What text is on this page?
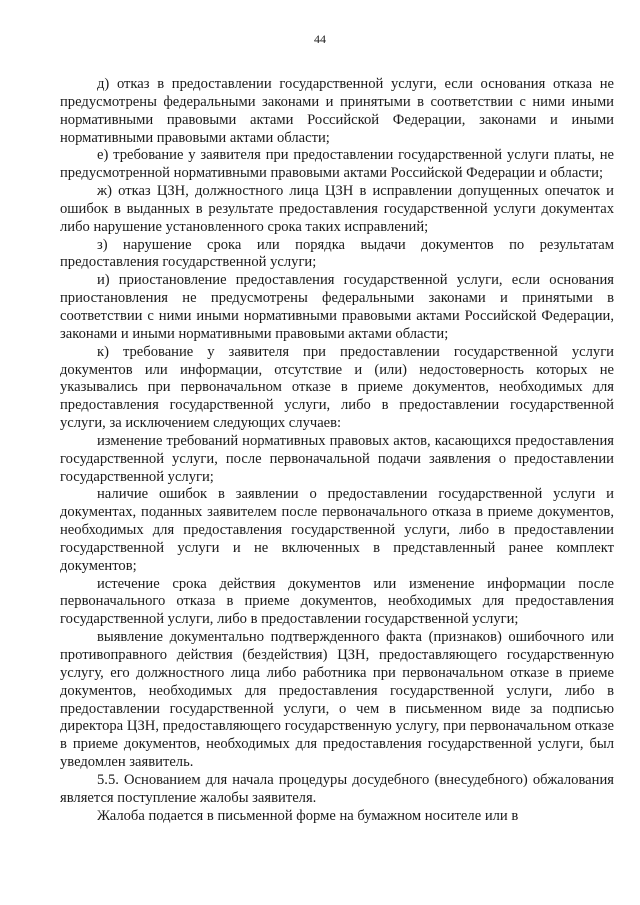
44

д) отказ в предоставлении государственной услуги, если основания отказа не предусмотрены федеральными законами и принятыми в соответствии с ними иными нормативными правовыми актами Российской Федерации, законами и иными нормативными правовыми актами области;

е) требование у заявителя при предоставлении государственной услуги платы, не предусмотренной нормативными правовыми актами Российской Федерации и области;

ж) отказ ЦЗН, должностного лица ЦЗН в исправлении допущенных опечаток и ошибок в выданных в результате предоставления государственной услуги документах либо нарушение установленного срока таких исправлений;

з) нарушение срока или порядка выдачи документов по результатам предоставления государственной услуги;

и) приостановление предоставления государственной услуги, если основания приостановления не предусмотрены федеральными законами и принятыми в соответствии с ними иными нормативными правовыми актами Российской Федерации, законами и иными нормативными правовыми актами области;

к) требование у заявителя при предоставлении государственной услуги документов или информации, отсутствие и (или) недостоверность которых не указывались при первоначальном отказе в приеме документов, необходимых для предоставления государственной услуги, либо в предоставлении государственной услуги, за исключением следующих случаев:

изменение требований нормативных правовых актов, касающихся предоставления государственной услуги, после первоначальной подачи заявления о предоставлении государственной услуги;

наличие ошибок в заявлении о предоставлении государственной услуги и документах, поданных заявителем после первоначального отказа в приеме документов, необходимых для предоставления государственной услуги, либо в предоставлении государственной услуги и не включенных в представленный ранее комплект документов;

истечение срока действия документов или изменение информации после первоначального отказа в приеме документов, необходимых для предоставления государственной услуги, либо в предоставлении государственной услуги;

выявление документально подтвержденного факта (признаков) ошибочного или противоправного действия (бездействия) ЦЗН, предоставляющего государственную услугу, его должностного лица либо работника при первоначальном отказе в приеме документов, необходимых для предоставления государственной услуги, либо в предоставлении государственной услуги, о чем в письменном виде за подписью директора ЦЗН, предоставляющего государственную услугу, при первоначальном отказе в приеме документов, необходимых для предоставления государственной услуги, был уведомлен заявитель.

5.5. Основанием для начала процедуры досудебного (внесудебного) обжалования является поступление жалобы заявителя.

Жалоба подается в письменной форме на бумажном носителе или в
